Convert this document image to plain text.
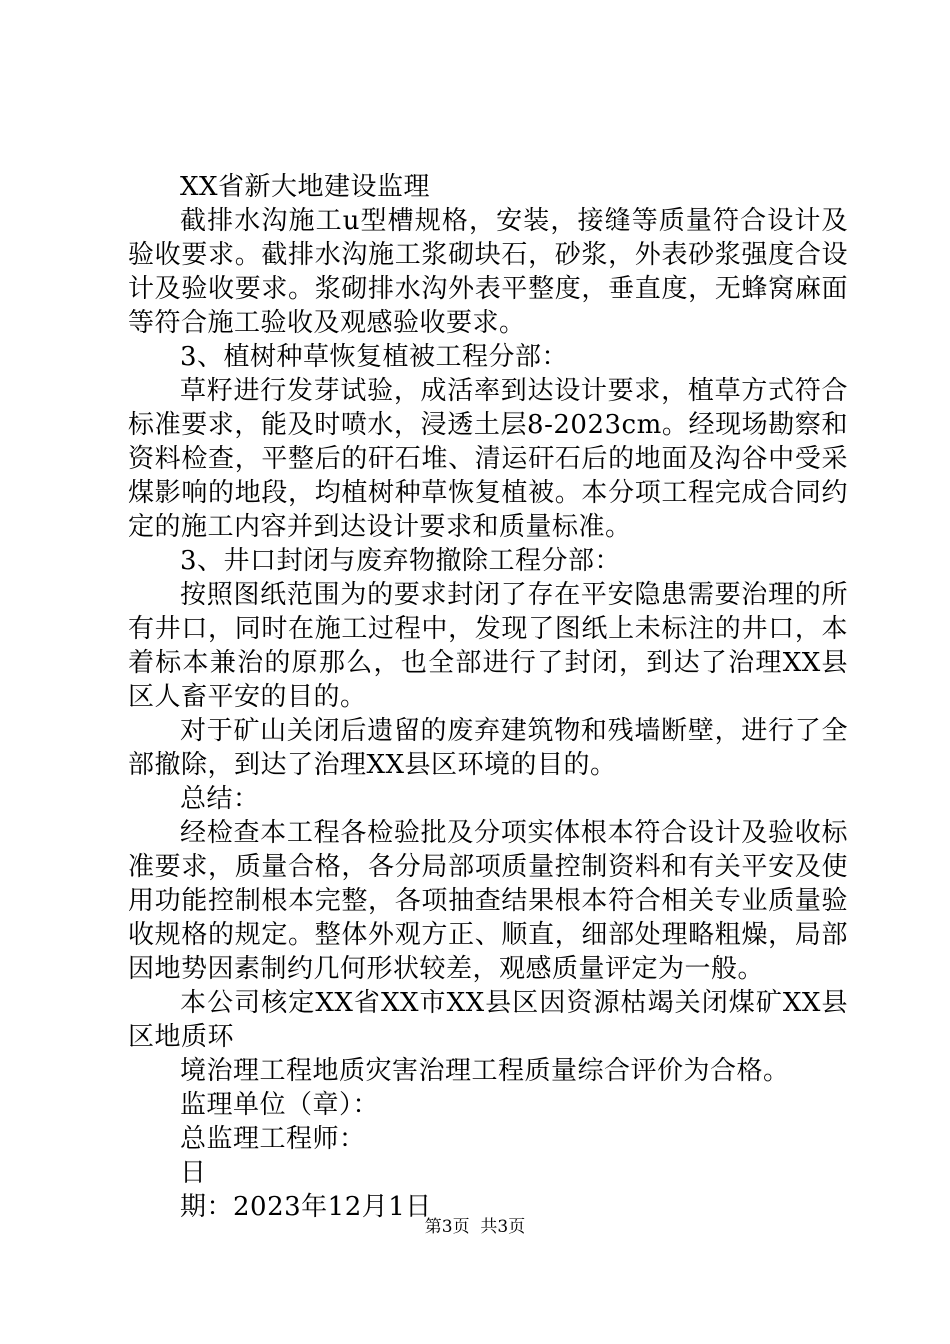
XX省新大地建设监理

截排水沟施工u型槽规格，安装，接缝等质量符合设计及验收要求。截排水沟施工浆砌块石，砂浆，外表砂浆强度合设计及验收要求。浆砌排水沟外表平整度，垂直度，无蜂窝麻面等符合施工验收及观感验收要求。

3、植树种草恢复植被工程分部：

草籽进行发芽试验，成活率到达设计要求，植草方式符合标准要求，能及时喷水，浸透土层8-2023cm。经现场勘察和资料检查，平整后的矸石堆、清运矸石后的地面及沟谷中受采煤影响的地段，均植树种草恢复植被。本分项工程完成合同约定的施工内容并到达设计要求和质量标准。

3、井口封闭与废弃物撤除工程分部：

按照图纸范围为的要求封闭了存在平安隐患需要治理的所有井口，同时在施工过程中，发现了图纸上未标注的井口，本着标本兼治的原那么，也全部进行了封闭，到达了治理XX县区人畜平安的目的。

对于矿山关闭后遗留的废弃建筑物和残墙断壁，进行了全部撤除，到达了治理XX县区环境的目的。

总结：

经检查本工程各检验批及分项实体根本符合设计及验收标准要求，质量合格，各分局部项质量控制资料和有关平安及使用功能控制根本完整，各项抽查结果根本符合相关专业质量验收规格的规定。整体外观方正、顺直，细部处理略粗燥，局部因地势因素制约几何形状较差，观感质量评定为一般。

本公司核定XX省XX市XX县区因资源枯竭关闭煤矿XX县区地质环

境治理工程地质灾害治理工程质量综合评价为合格。

监理单位（章）：

总监理工程师：

日

期：2023年12月1日

第3页  共3页
